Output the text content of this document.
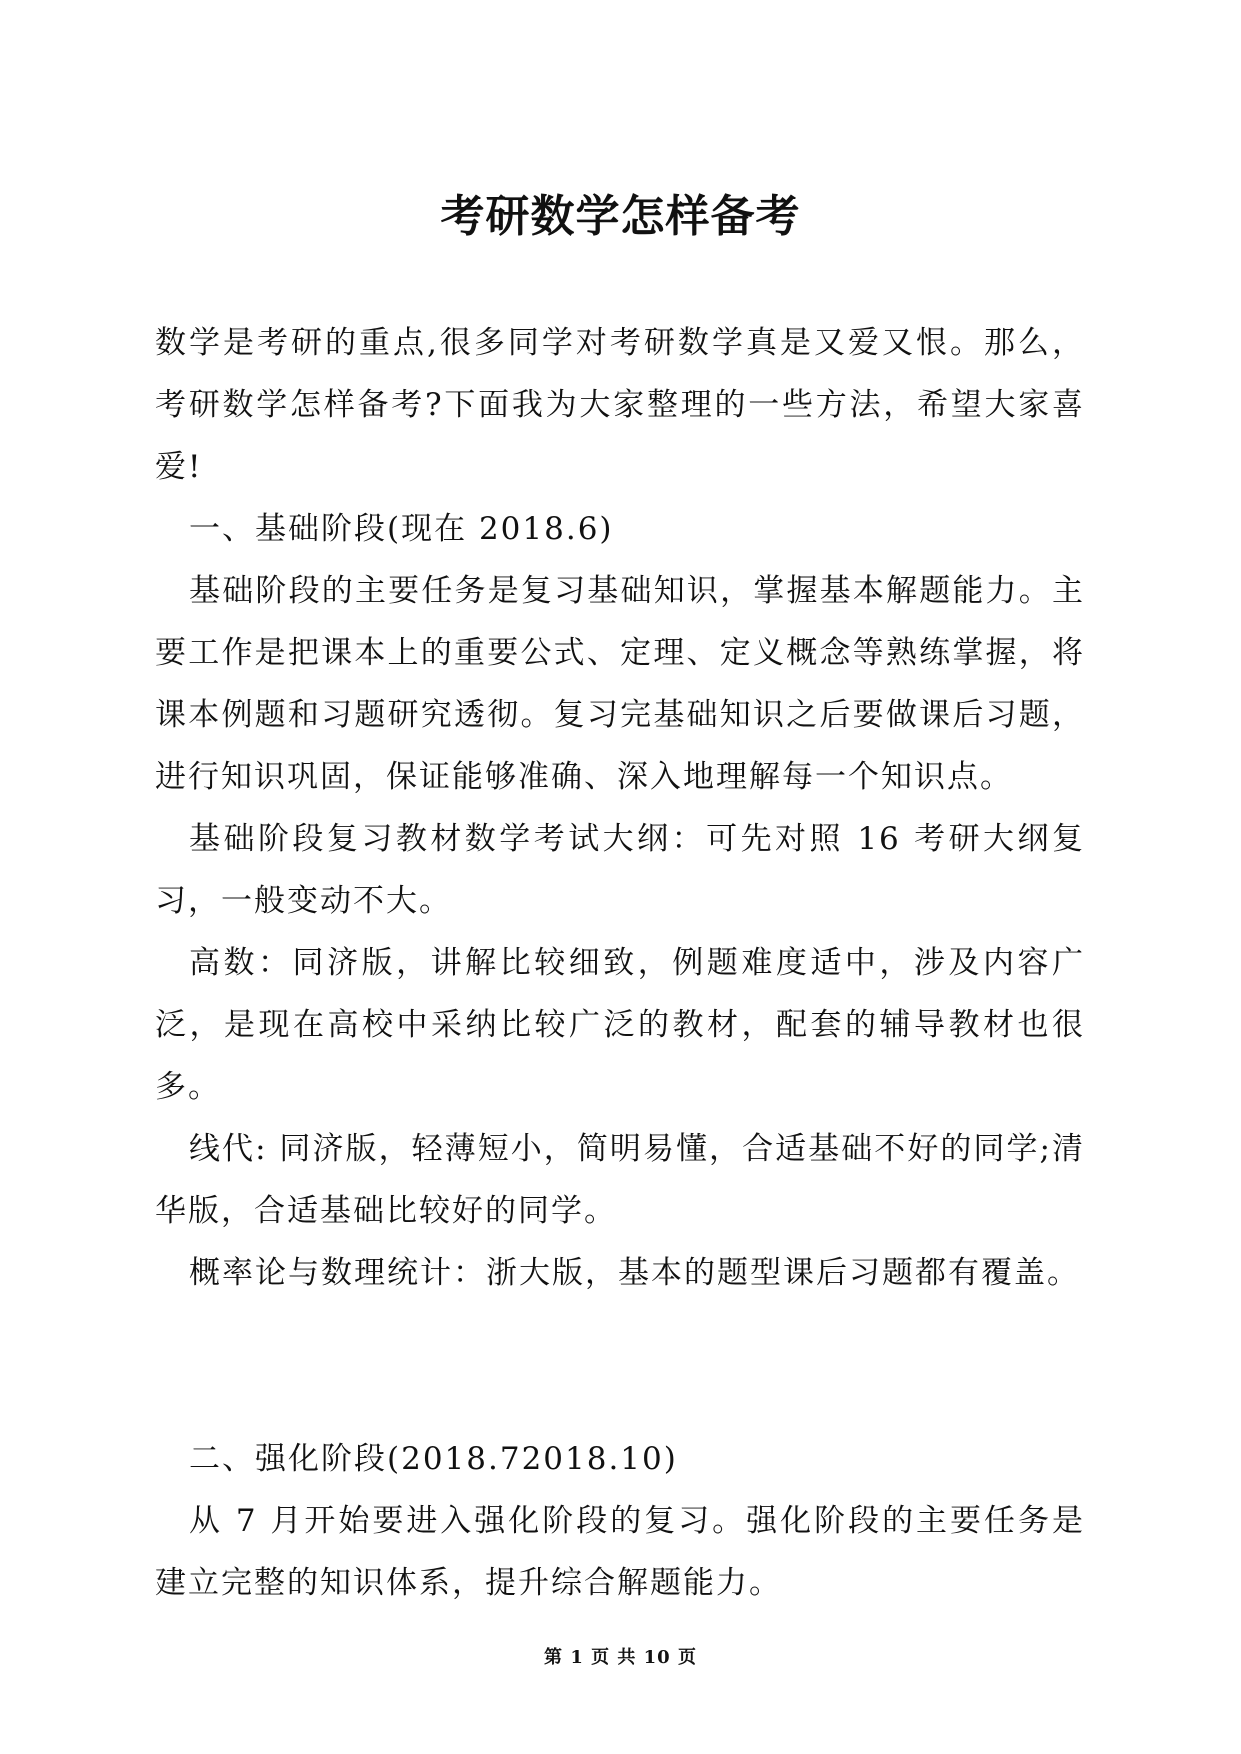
考研数学怎样备考

数学是考研的重点,很多同学对考研数学真是又爱又恨。那么，考研数学怎样备考?下面我为大家整理的一些方法，希望大家喜爱!

一、基础阶段(现在 2018.6)

基础阶段的主要任务是复习基础知识，掌握基本解题能力。主要工作是把课本上的重要公式、定理、定义概念等熟练掌握，将课本例题和习题研究透彻。复习完基础知识之后要做课后习题，进行知识巩固，保证能够准确、深入地理解每一个知识点。

基础阶段复习教材数学考试大纲：可先对照 16 考研大纲复习，一般变动不大。

高数：同济版，讲解比较细致，例题难度适中，涉及内容广泛，是现在高校中采纳比较广泛的教材，配套的辅导教材也很多。

线代: 同济版，轻薄短小，简明易懂，合适基础不好的同学;清华版，合适基础比较好的同学。

概率论与数理统计：浙大版，基本的题型课后习题都有覆盖。

二、强化阶段(2018.72018.10)

从 7 月开始要进入强化阶段的复习。强化阶段的主要任务是建立完整的知识体系，提升综合解题能力。

第 1 页 共 10 页
